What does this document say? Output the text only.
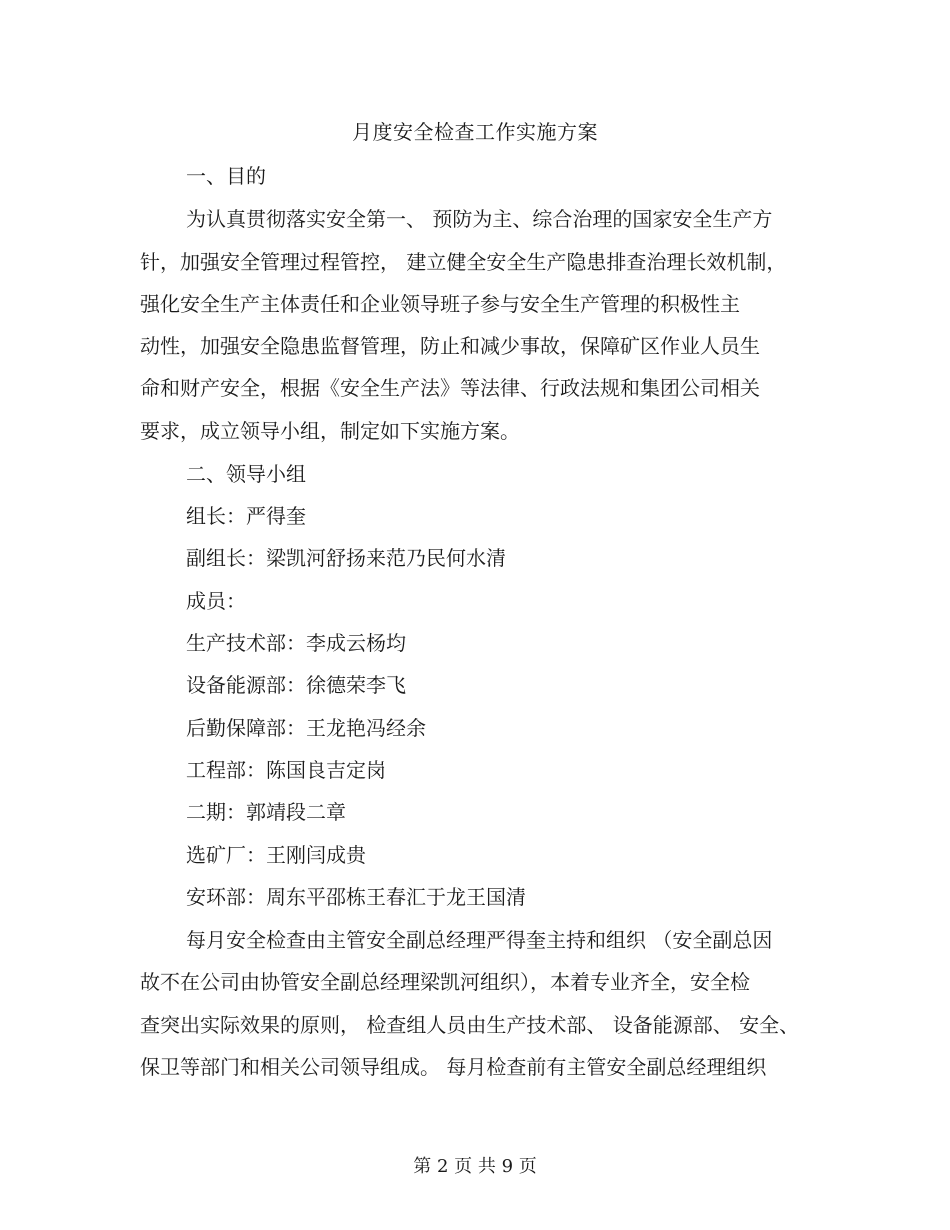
月度安全检查工作实施方案
一、目的
为认真贯彻落实安全第一、 预防为主、综合治理的国家安全生产方
针，加强安全管理过程管控， 建立健全安全生产隐患排查治理长效机制，
强化安全生产主体责任和企业领导班子参与安全生产管理的积极性主
动性，加强安全隐患监督管理，防止和减少事故，保障矿区作业人员生
命和财产安全，根据《安全生产法》等法律、行政法规和集团公司相关
要求，成立领导小组，制定如下实施方案。
二、领导小组
组长：严得奎
副组长：梁凯河舒扬来范乃民何水清
成员：
生产技术部：李成云杨均
设备能源部：徐德荣李飞
后勤保障部：王龙艳冯经余
工程部：陈国良吉定岗
二期：郭靖段二章
选矿厂：王刚闫成贵
安环部：周东平邵栋王春汇于龙王国清
每月安全检查由主管安全副总经理严得奎主持和组织 （安全副总因
故不在公司由协管安全副总经理梁凯河组织），本着专业齐全，安全检
查突出实际效果的原则， 检查组人员由生产技术部、 设备能源部、 安全、
保卫等部门和相关公司领导组成。 每月检查前有主管安全副总经理组织
第 2 页 共 9 页
